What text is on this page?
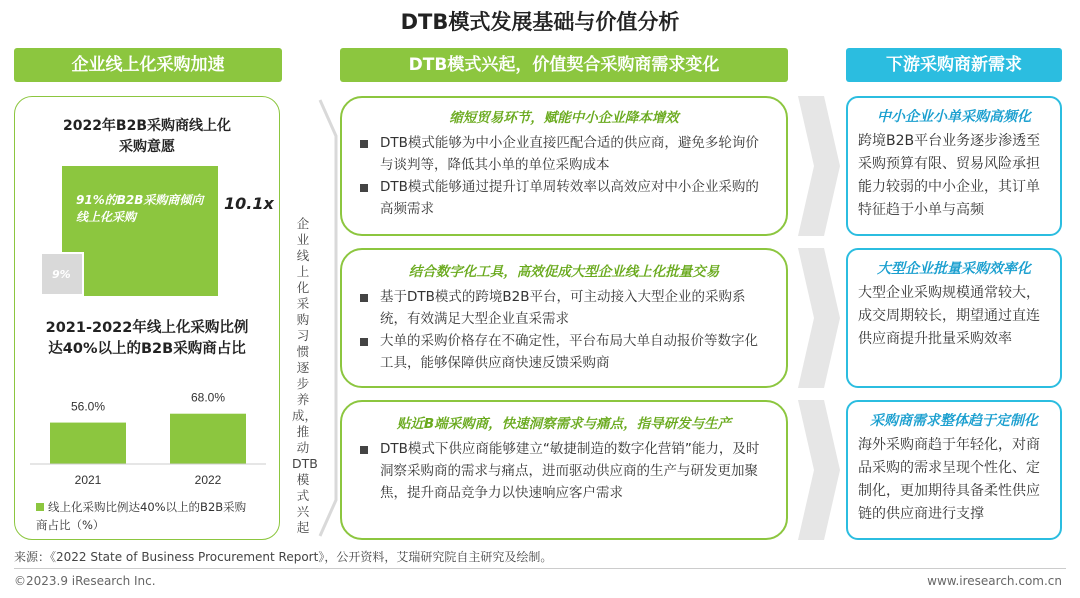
DTB模式发展基础与价值分析
企业线上化采购加速	DTB模式兴起，价值契合采购商需求变化	下游采购商新需求
2022年B2B采购商线上化
采购意愿
91%的B2B采购商倾向
线上化采购
9%
10.1x
2021-2022年线上化采购比例
达40%以上的B2B采购商占比
56.0%
68.0%
2021	2022
线上化采购比例达40%以上的B2B采购
商占比（%）
企业线上化采购习惯逐步养成，推动DTB模式兴起
缩短贸易环节，赋能中小企业降本增效
DTB模式能够为中小企业直接匹配合适的供应商，避免多轮询价与谈判等，降低其小单的单位采购成本
DTB模式能够通过提升订单周转效率以高效应对中小企业采购的高频需求
结合数字化工具，高效促成大型企业线上化批量交易
基于DTB模式的跨境B2B平台，可主动接入大型企业的采购系统，有效满足大型企业直采需求
大单的采购价格存在不确定性，平台布局大单自动报价等数字化工具，能够保障供应商快速反馈采购商
贴近B端采购商，快速洞察需求与痛点，指导研发与生产
DTB模式下供应商能够建立“敏捷制造的数字化营销”能力，及时洞察采购商的需求与痛点，进而驱动供应商的生产与研发更加聚焦，提升商品竞争力以快速响应客户需求
中小企业小单采购高频化
跨境B2B平台业务逐步渗透至采购预算有限、贸易风险承担能力较弱的中小企业，其订单特征趋于小单与高频
大型企业批量采购效率化
大型企业采购规模通常较大，成交周期较长，期望通过直连供应商提升批量采购效率
采购商需求整体趋于定制化
海外采购商趋于年轻化，对商品采购的需求呈现个性化、定制化，更加期待具备柔性供应链的供应商进行支撑
来源：《2022 State of Business Procurement Report》，公开资料，艾瑞研究院自主研究及绘制。
©2023.9 iResearch Inc.	www.iresearch.com.cn
